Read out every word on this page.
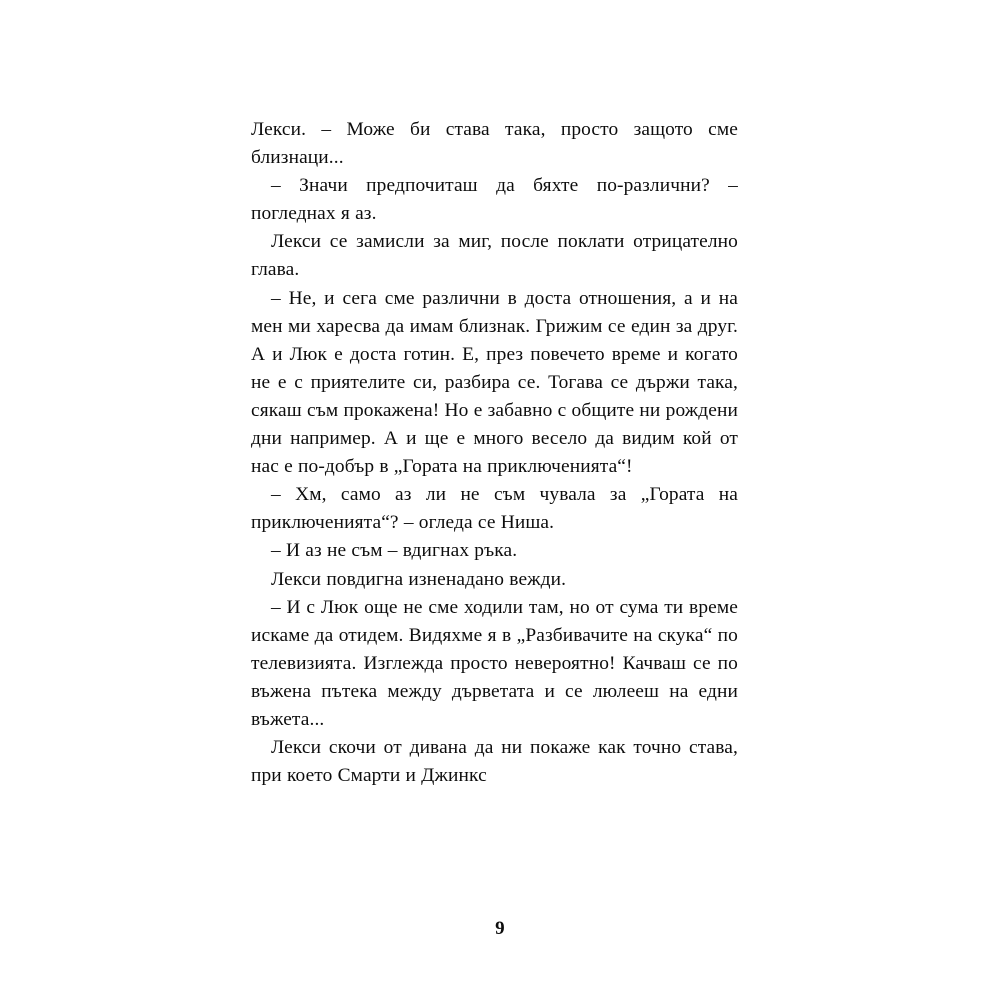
Лекси. – Може би става така, просто защото сме близнаци...

– Значи предпочиташ да бяхте по-различни? – погледнах я аз.

Лекси се замисли за миг, после поклати отрицателно глава.

– Не, и сега сме различни в доста отношения, а и на мен ми харесва да имам близнак. Грижим се един за друг. А и Люк е доста готин. Е, през повечето време и когато не е с приятелите си, разбира се. Тогава се държи така, сякаш съм прокажена! Но е забавно с общите ни рождени дни например. А и ще е много весело да видим кой от нас е по-добър в „Гората на приключенията“!

– Хм, само аз ли не съм чувала за „Гората на приключенията“? – огледа се Ниша.

– И аз не съм – вдигнах ръка.

Лекси повдигна изненадано вежди.

– И с Люк още не сме ходили там, но от сума ти време искаме да отидем. Видяхме я в „Разбивачите на скука“ по телевизията. Изглежда просто невероятно! Качваш се по въжена пътека между дърветата и се люлееш на едни въжета...

Лекси скочи от дивана да ни покаже как точно става, при което Смарти и Джинкс

9
